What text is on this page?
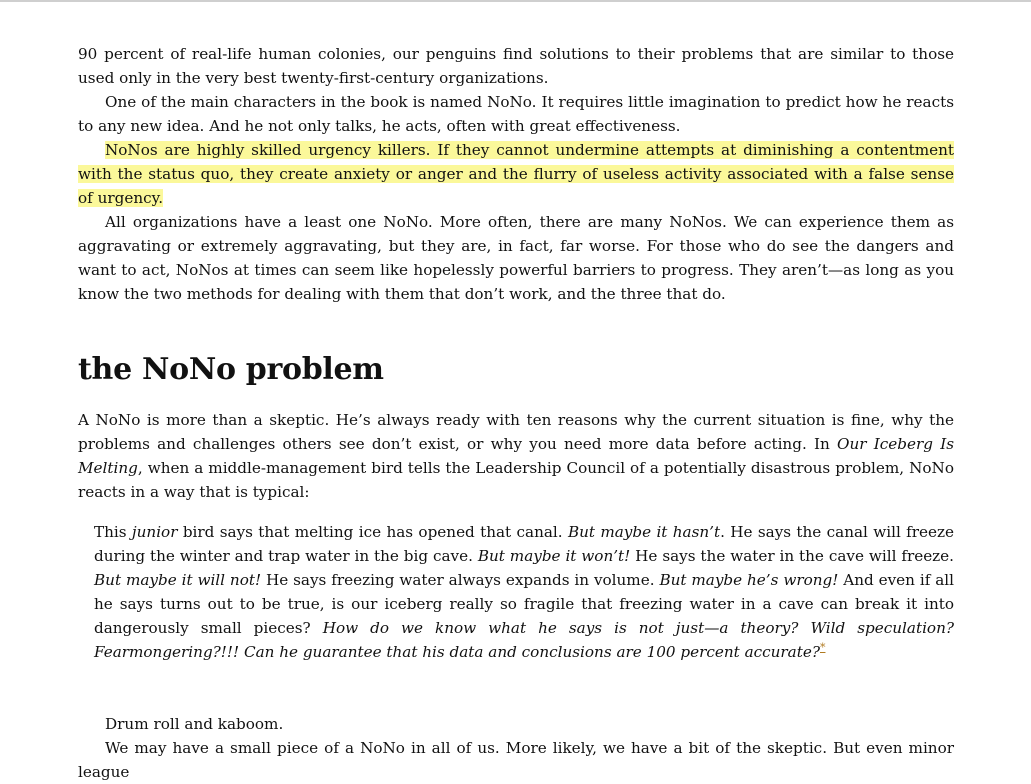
90 percent of real-life human colonies, our penguins find solutions to their problems that are similar to those used only in the very best twenty-first-century organizations.

One of the main characters in the book is named NoNo. It requires little imagination to predict how he reacts to any new idea. And he not only talks, he acts, often with great effectiveness.

NoNos are highly skilled urgency killers. If they cannot undermine attempts at diminishing a contentment with the status quo, they create anxiety or anger and the flurry of useless activity associated with a false sense of urgency.

All organizations have a least one NoNo. More often, there are many NoNos. We can experience them as aggravating or extremely aggravating, but they are, in fact, far worse. For those who do see the dangers and want to act, NoNos at times can seem like hopelessly powerful barriers to progress. They aren’t—as long as you know the two methods for dealing with them that don’t work, and the three that do.

the NoNo problem

A NoNo is more than a skeptic. He’s always ready with ten reasons why the current situation is fine, why the problems and challenges others see don’t exist, or why you need more data before acting. In Our Iceberg Is Melting, when a middle-management bird tells the Leadership Council of a potentially disastrous problem, NoNo reacts in a way that is typical:

This junior bird says that melting ice has opened that canal. But maybe it hasn’t. He says the canal will freeze during the winter and trap water in the big cave. But maybe it won’t! He says the water in the cave will freeze. But maybe it will not! He says freezing water always expands in volume. But maybe he’s wrong! And even if all he says turns out to be true, is our iceberg really so fragile that freezing water in a cave can break it into dangerously small pieces? How do we know what he says is not just—a theory? Wild speculation? Fearmongering?!!! Can he guarantee that his data and conclusions are 100 percent accurate?*

Drum roll and kaboom.

We may have a small piece of a NoNo in all of us. More likely, we have a bit of the skeptic. But even minor league
